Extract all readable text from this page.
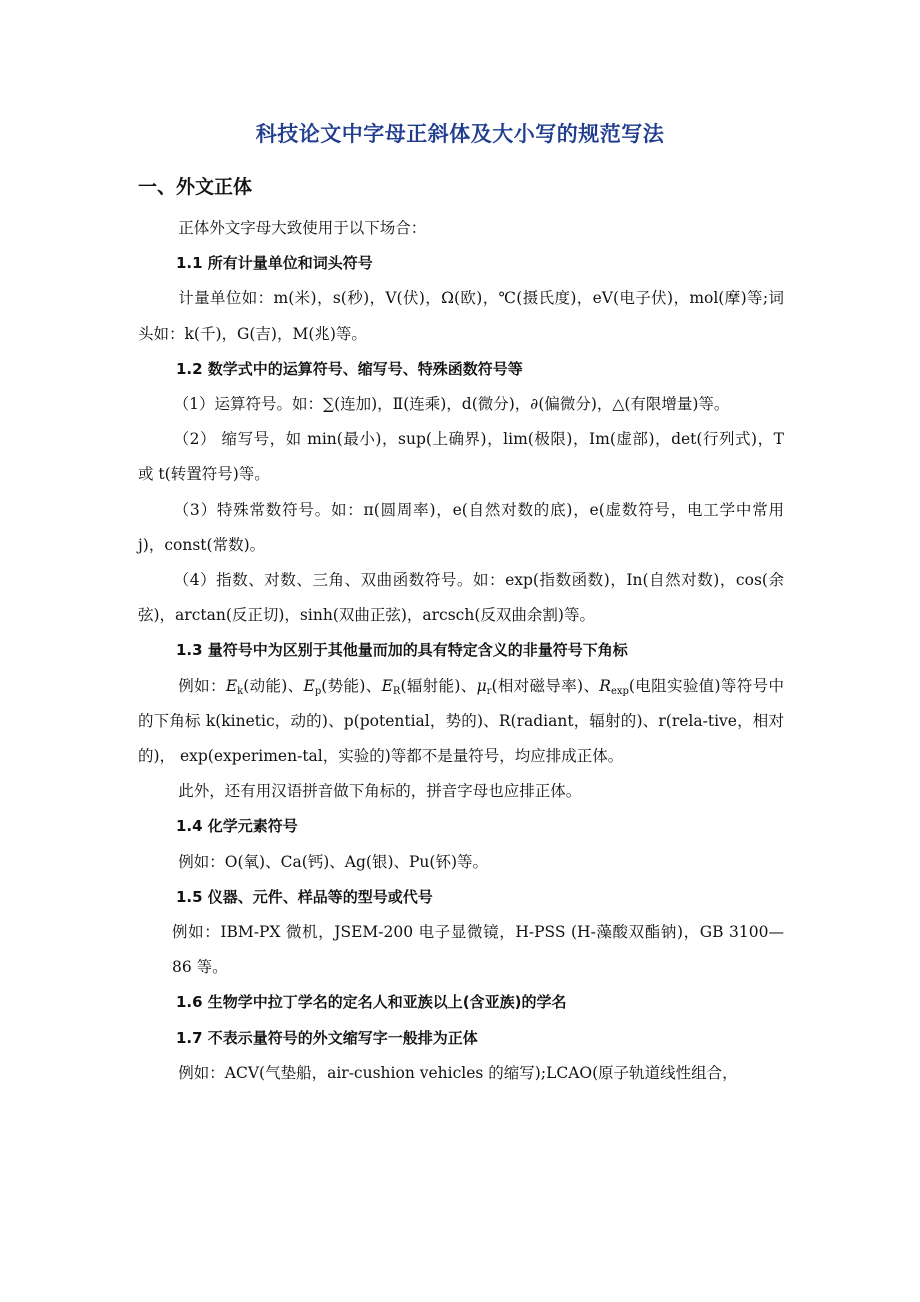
科技论文中字母正斜体及大小写的规范写法
一、外文正体

正体外文字母大致使用于以下场合：

1.1 所有计量单位和词头符号

计量单位如：m(米)，s(秒)，V(伏)，Ω(欧)，℃(摄氏度)，eV(电子伏)，mol(摩)等;词头如：k(千)，G(吉)，M(兆)等。

1.2 数学式中的运算符号、缩写号、特殊函数符号等

（1）运算符号。如：∑(连加)，Ⅱ(连乘)，d(微分)，∂(偏微分)，△(有限增量)等。

（2） 缩写号，如 min(最小)，sup(上确界)，lim(极限)，Im(虚部)，det(行列式)，T 或 t(转置符号)等。

（3）特殊常数符号。如：π(圆周率)，e(自然对数的底)，e(虚数符号，电工学中常用 j)，const(常数)。

（4）指数、对数、三角、双曲函数符号。如：exp(指数函数)，In(自然对数)，cos(余弦)，arctan(反正切)，sinh(双曲正弦)，arcsch(反双曲余割)等。

1.3 量符号中为区别于其他量而加的具有特定含义的非量符号下角标

例如：$E_k$(动能)、$E_p$(势能)、$E_R$(辐射能)、$\mu_r$(相对磁导率)、$R_{exp}$(电阻实验值)等符号中的下角标 k(kinetic，动的)、p(potential，势的)、R(radiant，辐射的)、r(rela-tive，相对的)， exp(experimen-tal，实验的)等都不是量符号，均应排成正体。

此外，还有用汉语拼音做下角标的，拼音字母也应排正体。

1.4 化学元素符号

例如：O(氧)、Ca(钙)、Ag(银)、Pu(钚)等。

1.5 仪器、元件、样品等的型号或代号

例如：IBM-PX 微机，JSEM-200 电子显微镜，H-PSS (H-藻酸双酯钠)，GB 3100—86 等。

1.6 生物学中拉丁学名的定名人和亚族以上(含亚族)的学名

1.7 不表示量符号的外文缩写字一般排为正体

例如：ACV(气垫船，air-cushion vehicles 的缩写);LCAO(原子轨道线性组合，
